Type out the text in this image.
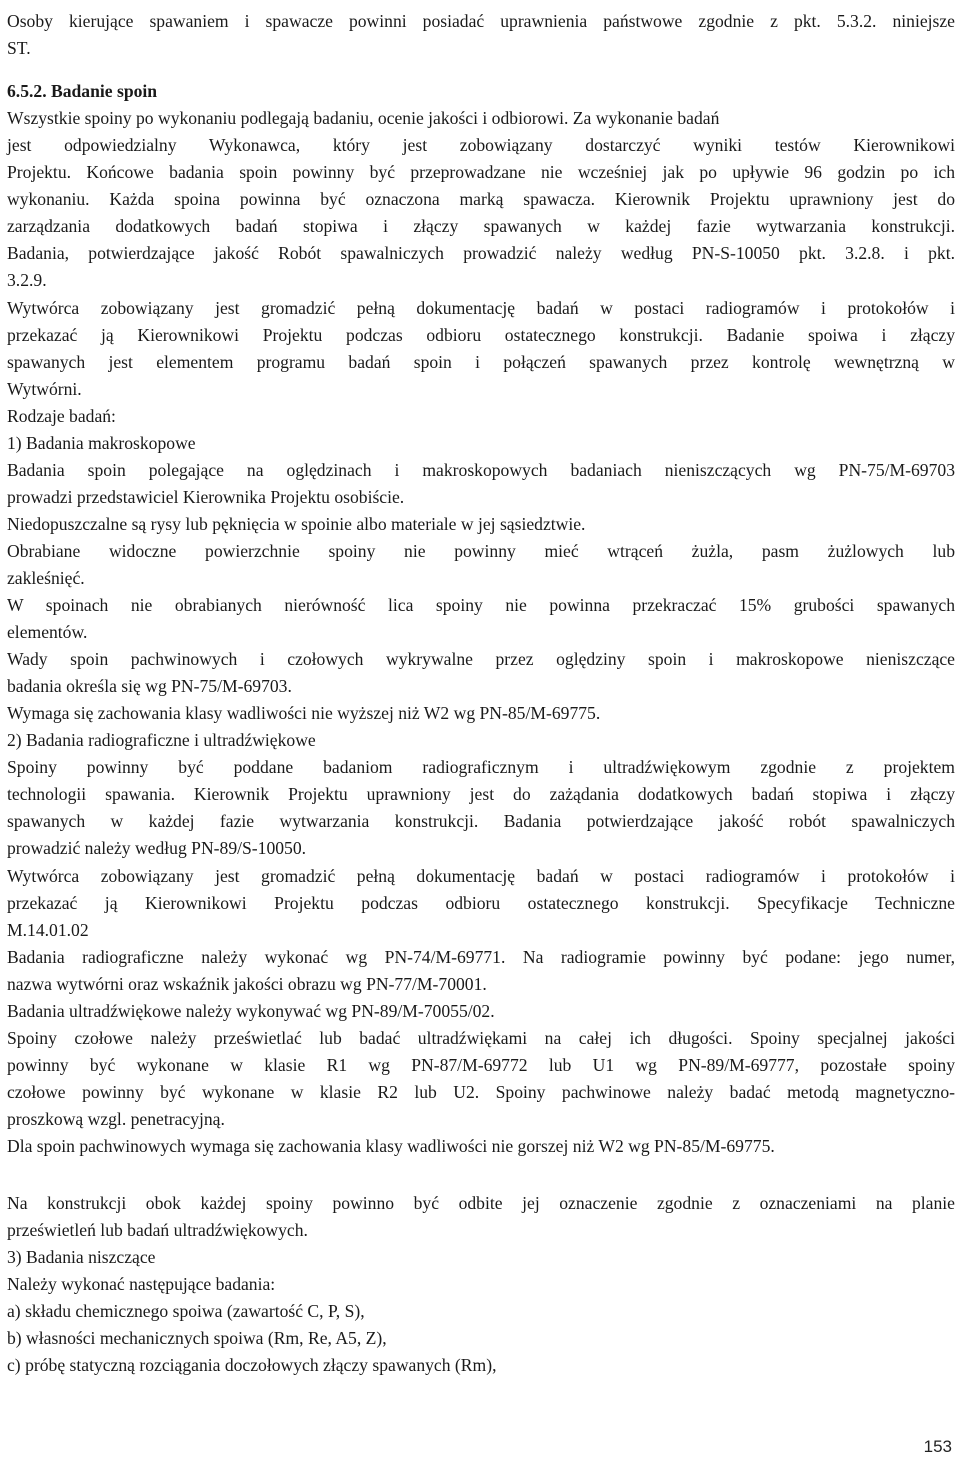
Osoby kierujące spawaniem i spawacze powinni posiadać uprawnienia państwowe zgodnie z pkt. 5.3.2. niniejsze
ST.
6.5.2. Badanie spoin
Wszystkie spoiny po wykonaniu podlegają badaniu, ocenie jakości i odbiorowi. Za wykonanie badań
jest odpowiedzialny Wykonawca, który jest zobowiązany dostarczyć wyniki testów Kierownikowi
Projektu. Końcowe badania spoin powinny być przeprowadzane nie wcześniej jak po upływie 96 godzin po ich
wykonaniu. Każda spoina powinna być oznaczona marką spawacza. Kierownik Projektu uprawniony jest do
zarządzania dodatkowych badań stopiwa i złączy spawanych w każdej fazie wytwarzania konstrukcji.
Badania, potwierdzające jakość Robót spawalniczych prowadzić należy według PN-S-10050 pkt. 3.2.8. i pkt.
3.2.9.
Wytwórca zobowiązany jest gromadzić pełną dokumentację badań w postaci radiogramów i protokołów i
przekazać ją Kierownikowi Projektu podczas odbioru ostatecznego konstrukcji. Badanie spoiwa i złączy
spawanych jest elementem programu badań spoin i połączeń spawanych przez kontrolę wewnętrzną w
Wytwórni.
Rodzaje badań:
1) Badania makroskopowe
Badania spoin polegające na oględzinach i makroskopowych badaniach nieniszczących wg PN-75/M-69703
prowadzi przedstawiciel Kierownika Projektu osobiście.
Niedopuszczalne są rysy lub pęknięcia w spoinie albo materiale w jej sąsiedztwie.
Obrabiane widoczne powierzchnie spoiny nie powinny mieć wtrąceń żużla, pasm żużlowych lub
zakleśnięć.
W spoinach nie obrabianych nierówność lica spoiny nie powinna przekraczać 15% grubości spawanych
elementów.
Wady spoin pachwinowych i czołowych wykrywalne przez oględziny spoin i makroskopowe nieniszczące
badania określa się wg PN-75/M-69703.
Wymaga się zachowania klasy wadliwości nie wyższej niż W2 wg PN-85/M-69775.
2) Badania radiograficzne i ultradźwiękowe
Spoiny powinny być poddane badaniom radiograficznym i ultradźwiękowym zgodnie z projektem
technologii spawania. Kierownik Projektu uprawniony jest do zażądania dodatkowych badań stopiwa i złączy
spawanych w każdej fazie wytwarzania konstrukcji. Badania potwierdzające jakość robót spawalniczych
prowadzić należy według PN-89/S-10050.
Wytwórca zobowiązany jest gromadzić pełną dokumentację badań w postaci radiogramów i protokołów i
przekazać ją Kierownikowi Projektu podczas odbioru ostatecznego konstrukcji. Specyfikacje Techniczne
M.14.01.02
Badania radiograficzne należy wykonać wg PN-74/M-69771. Na radiogramie powinny być podane: jego numer,
nazwa wytwórni oraz wskaźnik jakości obrazu wg PN-77/M-70001.
Badania ultradźwiękowe należy wykonywać wg PN-89/M-70055/02.
Spoiny czołowe należy prześwietlać lub badać ultradźwiękami na całej ich długości. Spoiny specjalnej jakości
powinny być wykonane w klasie R1 wg PN-87/M-69772 lub U1 wg PN-89/M-69777, pozostałe spoiny
czołowe powinny być wykonane w klasie R2 lub U2. Spoiny pachwinowe należy badać metodą magnetyczno-
proszkową wzgl. penetracyjną.
Dla spoin pachwinowych wymaga się zachowania klasy wadliwości nie gorszej niż W2 wg PN-85/M-69775.
Na konstrukcji obok każdej spoiny powinno być odbite jej oznaczenie zgodnie z oznaczeniami na planie
prześwietleń lub badań ultradźwiękowych.
3) Badania niszczące
Należy wykonać następujące badania:
a) składu chemicznego spoiwa (zawartość C, P, S),
b) własności mechanicznych spoiwa (Rm, Re, A5, Z),
c) próbę statyczną rozciągania doczołowych złączy spawanych (Rm),
153
